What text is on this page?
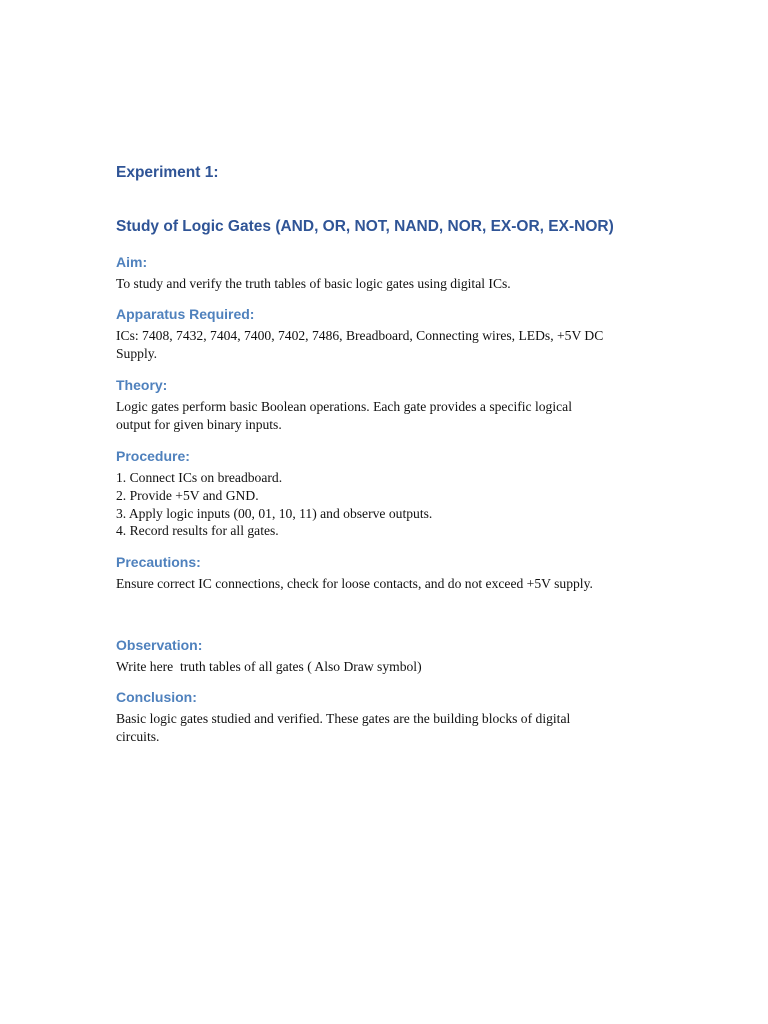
Experiment 1:
Study of Logic Gates (AND, OR, NOT, NAND, NOR, EX-OR, EX-NOR)
Aim:
To study and verify the truth tables of basic logic gates using digital ICs.
Apparatus Required:
ICs: 7408, 7432, 7404, 7400, 7402, 7486, Breadboard, Connecting wires, LEDs, +5V DC
Supply.
Theory:
Logic gates perform basic Boolean operations. Each gate provides a specific logical
output for given binary inputs.
Procedure:
1. Connect ICs on breadboard.
2. Provide +5V and GND.
3. Apply logic inputs (00, 01, 10, 11) and observe outputs.
4. Record results for all gates.
Precautions:
Ensure correct IC connections, check for loose contacts, and do not exceed +5V supply.
Observation:
Write here  truth tables of all gates ( Also Draw symbol)
Conclusion:
Basic logic gates studied and verified. These gates are the building blocks of digital
circuits.
